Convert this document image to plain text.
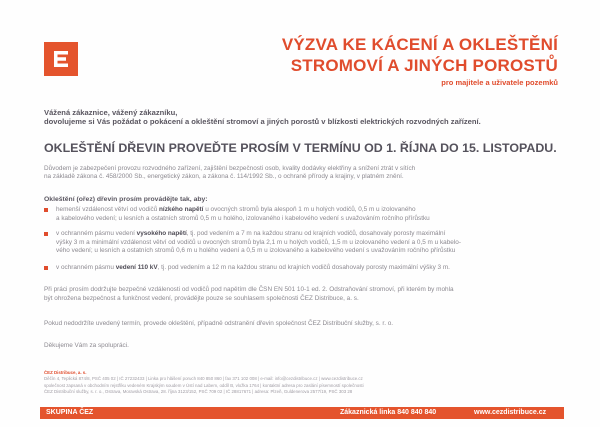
VÝZVA KE KÁCENÍ A OKLEŠTĚNÍ
STROMOVÍ A JINÝCH POROSTŮ
pro majitele a uživatele pozemků
Vážená zákaznice, vážený zákazníku,
dovolujeme si Vás požádat o pokácení a okleštění stromoví a jiných porostů v blízkosti elektrických rozvodných zařízení.
OKLEŠTĚNÍ DŘEVIN PROVEĎTE PROSÍM V TERMÍNU OD 1. ŘÍJNA DO 15. LISTOPADU.
Důvodem je zabezpečení provozu rozvodného zařízení, zajištění bezpečnosti osob, kvality dodávky elektřiny a snížení ztrát v sítích
na základě zákona č. 458/2000 Sb., energetický zákon, a zákona č. 114/1992 Sb., o ochraně přírody a krajiny, v platném znění.
Okleštění (ořez) dřevin prosím provádějte tak, aby:
hemenší vzdálenost větví od vodičů nízkého napětí u ovocných stromů byla alespoň 1 m u holých vodičů, 0,5 m u izolovaného
a kabelového vedení; u lesních a ostatních stromů 0,5 m u holého, izolovaného i kabelového vedení s uvažováním ročního přírůstku
v ochranném pásmu vedení vysokého napětí, tj. pod vedením a 7 m na každou stranu od krajních vodičů, dosahovaly porosty maximální
výšky 3 m a minimální vzdálenost větví od vodičů u ovocných stromů byla 2,1 m u holých vodičů, 1,5 m u izolovaného vedení a 0,5 m u kabelo-
vého vedení; u lesních a ostatních stromů 0,6 m u holého vedení a 0,5 m u izolovaného a kabelového vedení s uvažováním ročního přírůstku
v ochranném pásmu vedení 110 kV, tj. pod vedením a 12 m na každou stranu od krajních vodičů dosahovaly porosty maximální výšky 3 m.
Při práci prosím dodržujte bezpečné vzdálenosti od vodičů pod napětím dle ČSN EN 501 10-1 ed. 2. Odstraňování stromoví, při kterém by mohla
být ohrožena bezpečnost a funkčnost vedení, provádějte pouze se souhlasem společnosti ČEZ Distribuce, a. s.
Pokud nedodržíte uvedený termín, provede okleštění, případně odstranění dřevin společnost ČEZ Distribuční služby, s. r. o.
Děkujeme Vám za spolupráci.
ČEZ Distribuce, a. s.
Děčín 4, Teplická 874/8, PSČ 405 02 | IČ 27232433 | Linka pro hlášení poruch 840 850 860 | fax 371 102 008 | e-mail: info@cezdistribuce.cz | www.cezdistribuce.cz
společnost zapsaná v obchodním rejstříku vedeném Krajským soudem v Ústí nad Labem, oddíl B, vložka 1764 | kontaktní adresa pro zaslání písemností společnosti
ČEZ Distribuční služby, s. r. o., Ostrava, Moravská Ostrava, 28. října 3123/152, PSČ 709 02 | IČ 28817671 | adresa: Plzeň, Guldenerova 2577/19, PSČ 303 28
SKUPINA ČEZ	Zákaznická linka 840 840 840	www.cezdistribuce.cz
